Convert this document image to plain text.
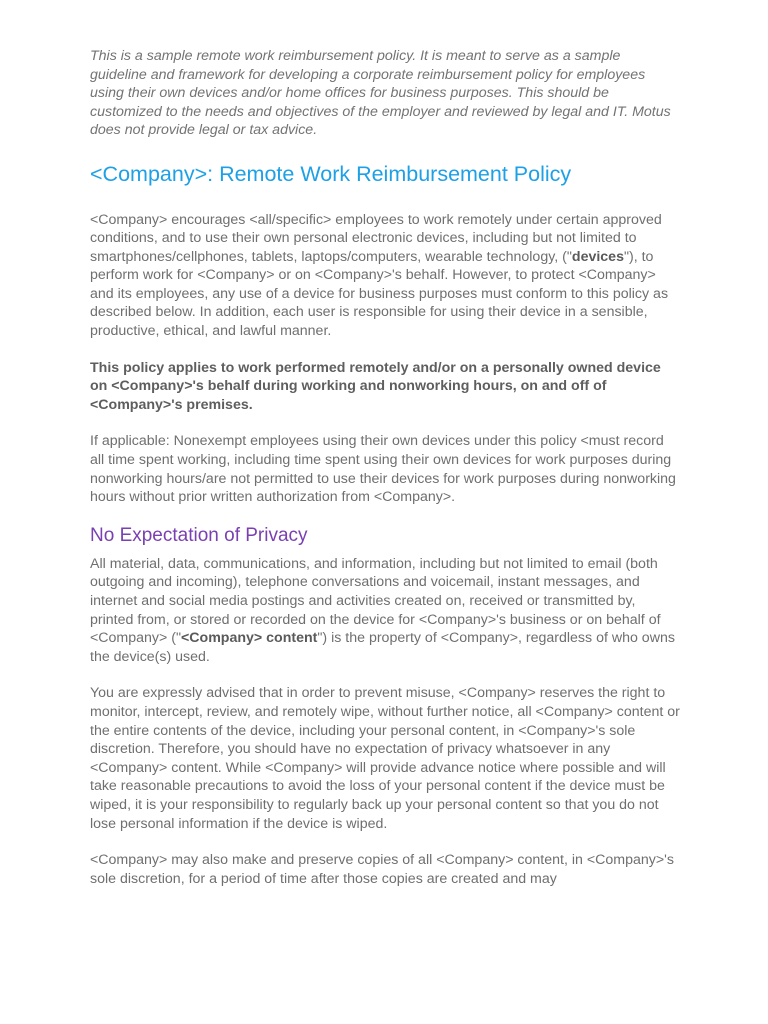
This is a sample remote work reimbursement policy. It is meant to serve as a sample guideline and framework for developing a corporate reimbursement policy for employees using their own devices and/or home offices for business purposes. This should be customized to the needs and objectives of the employer and reviewed by legal and IT. Motus does not provide legal or tax advice.

<Company>: Remote Work Reimbursement Policy

<Company> encourages <all/specific> employees to work remotely under certain approved conditions, and to use their own personal electronic devices, including but not limited to smartphones/cellphones, tablets, laptops/computers, wearable technology, ("devices"), to perform work for <Company> or on <Company>'s behalf. However, to protect <Company> and its employees, any use of a device for business purposes must conform to this policy as described below. In addition, each user is responsible for using their device in a sensible, productive, ethical, and lawful manner.

This policy applies to work performed remotely and/or on a personally owned device on <Company>'s behalf during working and nonworking hours, on and off of <Company>'s premises.

If applicable: Nonexempt employees using their own devices under this policy <must record all time spent working, including time spent using their own devices for work purposes during nonworking hours/are not permitted to use their devices for work purposes during nonworking hours without prior written authorization from <Company>.

No Expectation of Privacy

All material, data, communications, and information, including but not limited to email (both outgoing and incoming), telephone conversations and voicemail, instant messages, and internet and social media postings and activities created on, received or transmitted by, printed from, or stored or recorded on the device for <Company>'s business or on behalf of <Company> ("<Company> content") is the property of <Company>, regardless of who owns the device(s) used.

You are expressly advised that in order to prevent misuse, <Company> reserves the right to monitor, intercept, review, and remotely wipe, without further notice, all <Company> content or the entire contents of the device, including your personal content, in <Company>'s sole discretion. Therefore, you should have no expectation of privacy whatsoever in any <Company> content. While <Company> will provide advance notice where possible and will take reasonable precautions to avoid the loss of your personal content if the device must be wiped, it is your responsibility to regularly back up your personal content so that you do not lose personal information if the device is wiped.

<Company> may also make and preserve copies of all <Company> content, in <Company>'s sole discretion, for a period of time after those copies are created and may
